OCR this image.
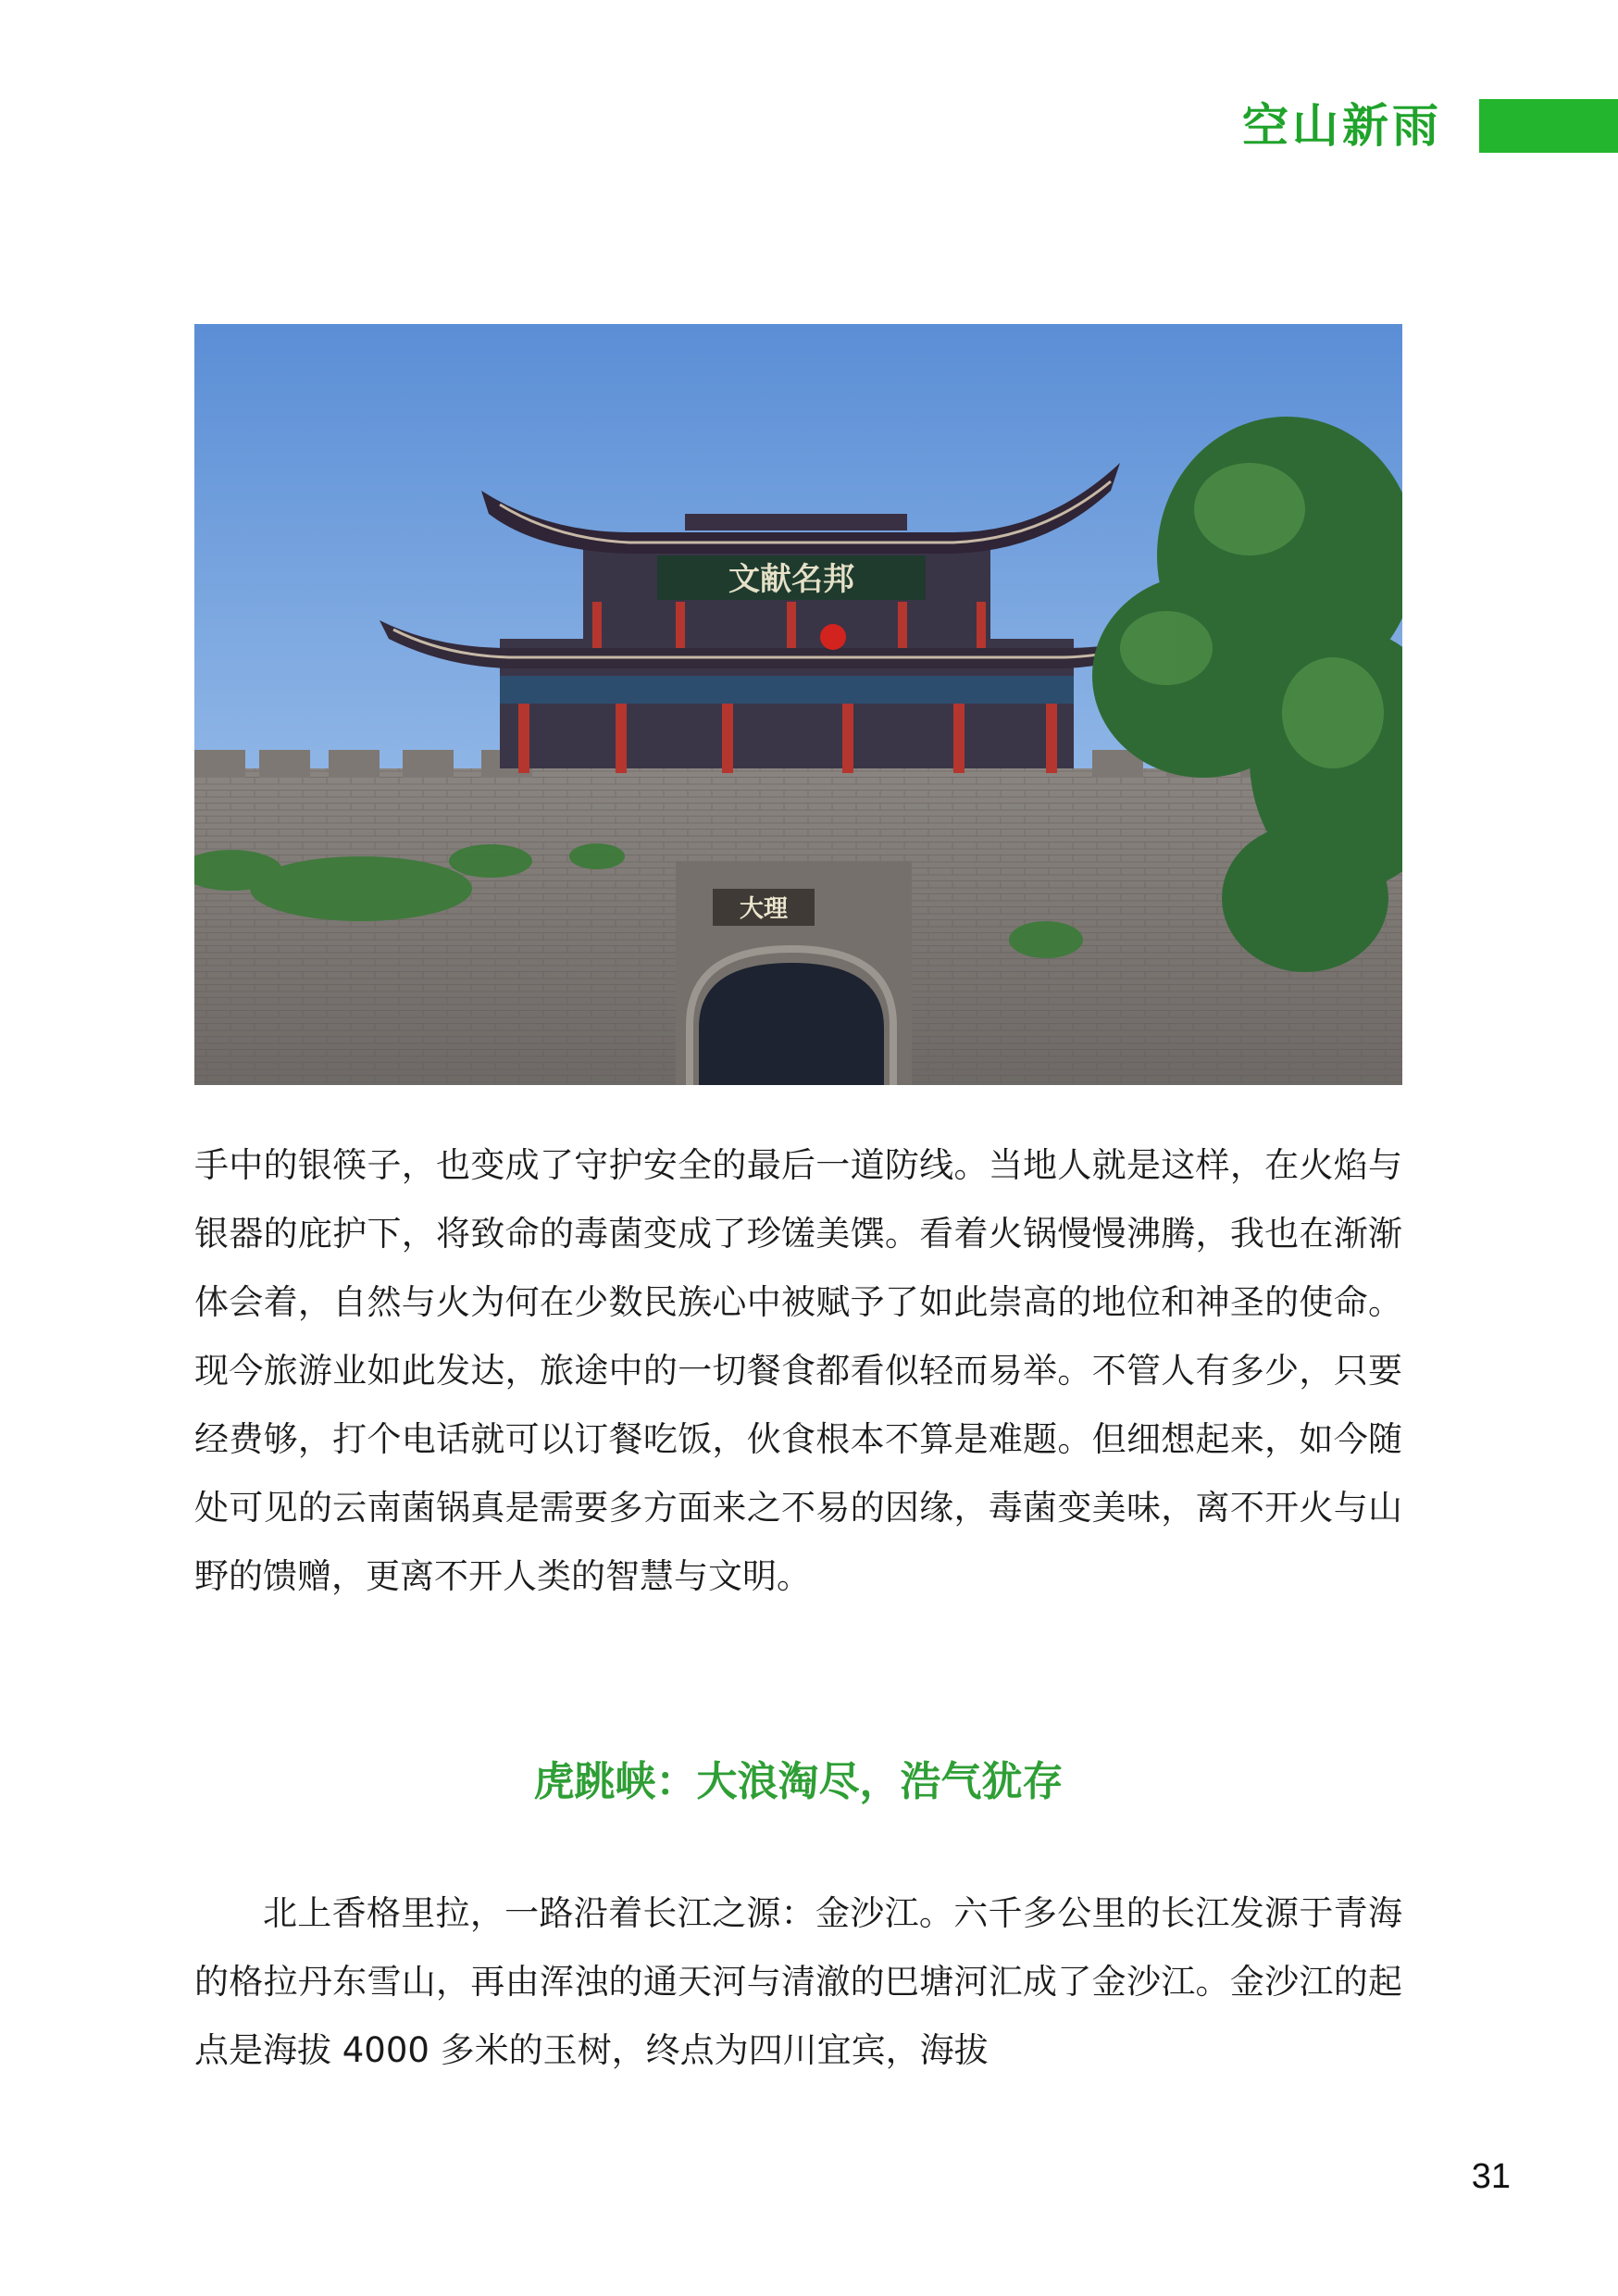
空山新雨
文献名邦
大理
手中的银筷子，也变成了守护安全的最后一道防线。当地人就是这样，在火焰与银器的庇护下，将致命的毒菌变成了珍馐美馔。看着火锅慢慢沸腾，我也在渐渐体会着，自然与火为何在少数民族心中被赋予了如此崇高的地位和神圣的使命。现今旅游业如此发达，旅途中的一切餐食都看似轻而易举。不管人有多少，只要经费够，打个电话就可以订餐吃饭，伙食根本不算是难题。但细想起来，如今随处可见的云南菌锅真是需要多方面来之不易的因缘，毒菌变美味，离不开火与山野的馈赠，更离不开人类的智慧与文明。
虎跳峡：大浪淘尽，浩气犹存
北上香格里拉，一路沿着长江之源：金沙江。六千多公里的长江发源于青海的格拉丹东雪山，再由浑浊的通天河与清澈的巴塘河汇成了金沙江。金沙江的起点是海拔 4000 多米的玉树，终点为四川宜宾，海拔
31
